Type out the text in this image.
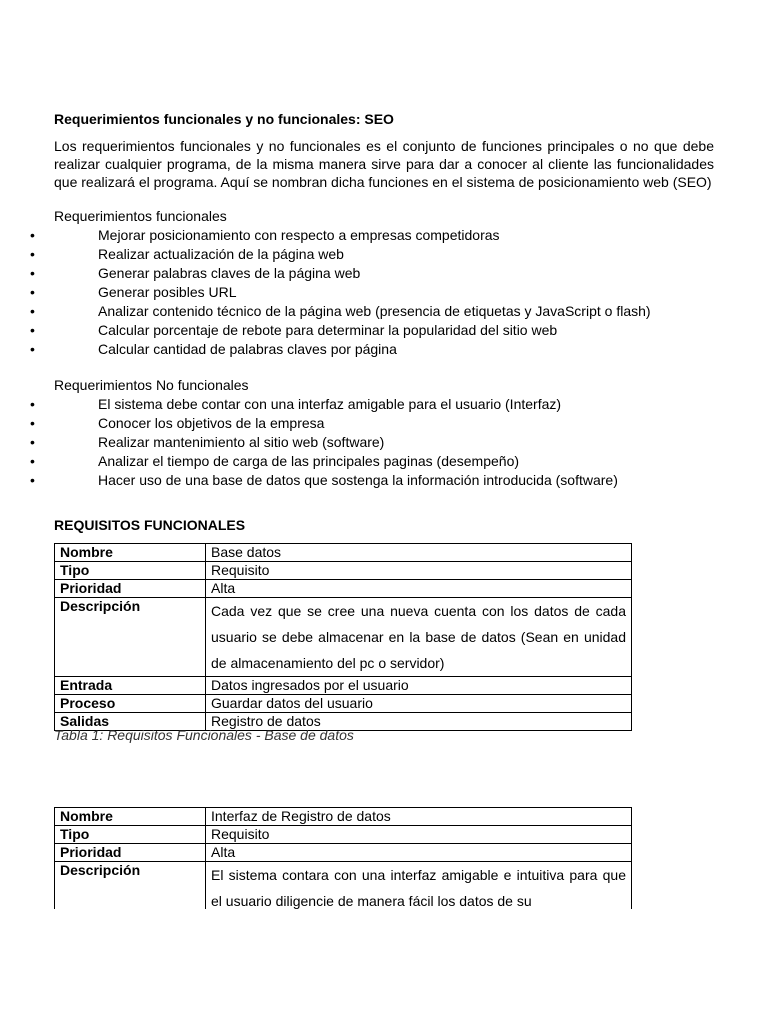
Requerimientos funcionales y no funcionales: SEO
Los requerimientos funcionales y no funcionales es el conjunto de funciones principales o no que debe realizar cualquier programa, de la misma manera sirve para dar a conocer al cliente las funcionalidades que realizará el programa. Aquí se nombran dicha funciones en el sistema de posicionamiento web (SEO)
Requerimientos funcionales
•	Mejorar posicionamiento con respecto a empresas competidoras
•	Realizar actualización de la página web
•	Generar palabras claves de la página web
•	Generar posibles URL
•	Analizar contenido técnico de la página web (presencia de etiquetas y JavaScript o flash)
•	Calcular porcentaje de rebote para determinar la popularidad del sitio web
•	Calcular cantidad de palabras claves por página
Requerimientos No funcionales
•	El sistema debe contar con una interfaz amigable para el usuario (Interfaz)
•	Conocer los objetivos de la empresa
•	Realizar mantenimiento al sitio web (software)
•	Analizar el tiempo de carga de las principales paginas (desempeño)
•	Hacer uso de una base de datos que sostenga la información introducida (software)
REQUISITOS FUNCIONALES
Nombre	Base datos
Tipo	Requisito
Prioridad	Alta
Descripción	Cada vez que se cree una nueva cuenta con los datos de cada usuario se debe almacenar en la base de datos (Sean en unidad de almacenamiento del pc o servidor)
Entrada	Datos ingresados por el usuario
Proceso	Guardar datos del usuario
Salidas	Registro de datos
Tabla 1: Requisitos Funcionales - Base de datos
Nombre	Interfaz de Registro de datos
Tipo	Requisito
Prioridad	Alta
Descripción	El sistema contara con una interfaz amigable e intuitiva para que el usuario diligencie de manera fácil los datos de su
